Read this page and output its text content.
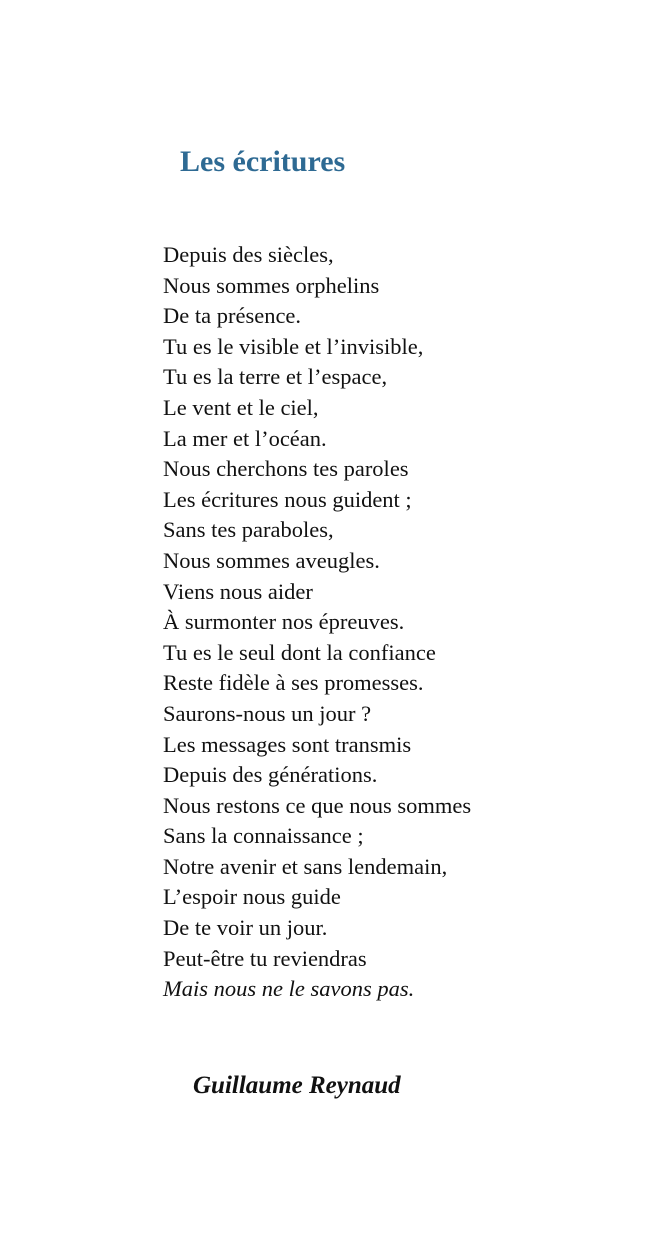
Les écritures
Depuis des siècles,
Nous sommes orphelins
De ta présence.
Tu es le visible et l’invisible,
Tu es la terre et l’espace,
Le vent et le ciel,
La mer et l’océan.
Nous cherchons tes paroles
Les écritures nous guident ;
Sans tes paraboles,
Nous sommes aveugles.
Viens nous aider
À surmonter nos épreuves.
Tu es le seul dont la confiance
Reste fidèle à ses promesses.
Saurons-nous un jour ?
Les messages sont transmis
Depuis des générations.
Nous restons ce que nous sommes
Sans la connaissance ;
Notre avenir et sans lendemain,
L’espoir nous guide
De te voir un jour.
Peut-être tu reviendras
Mais nous ne le savons pas.

Guillaume Reynaud
